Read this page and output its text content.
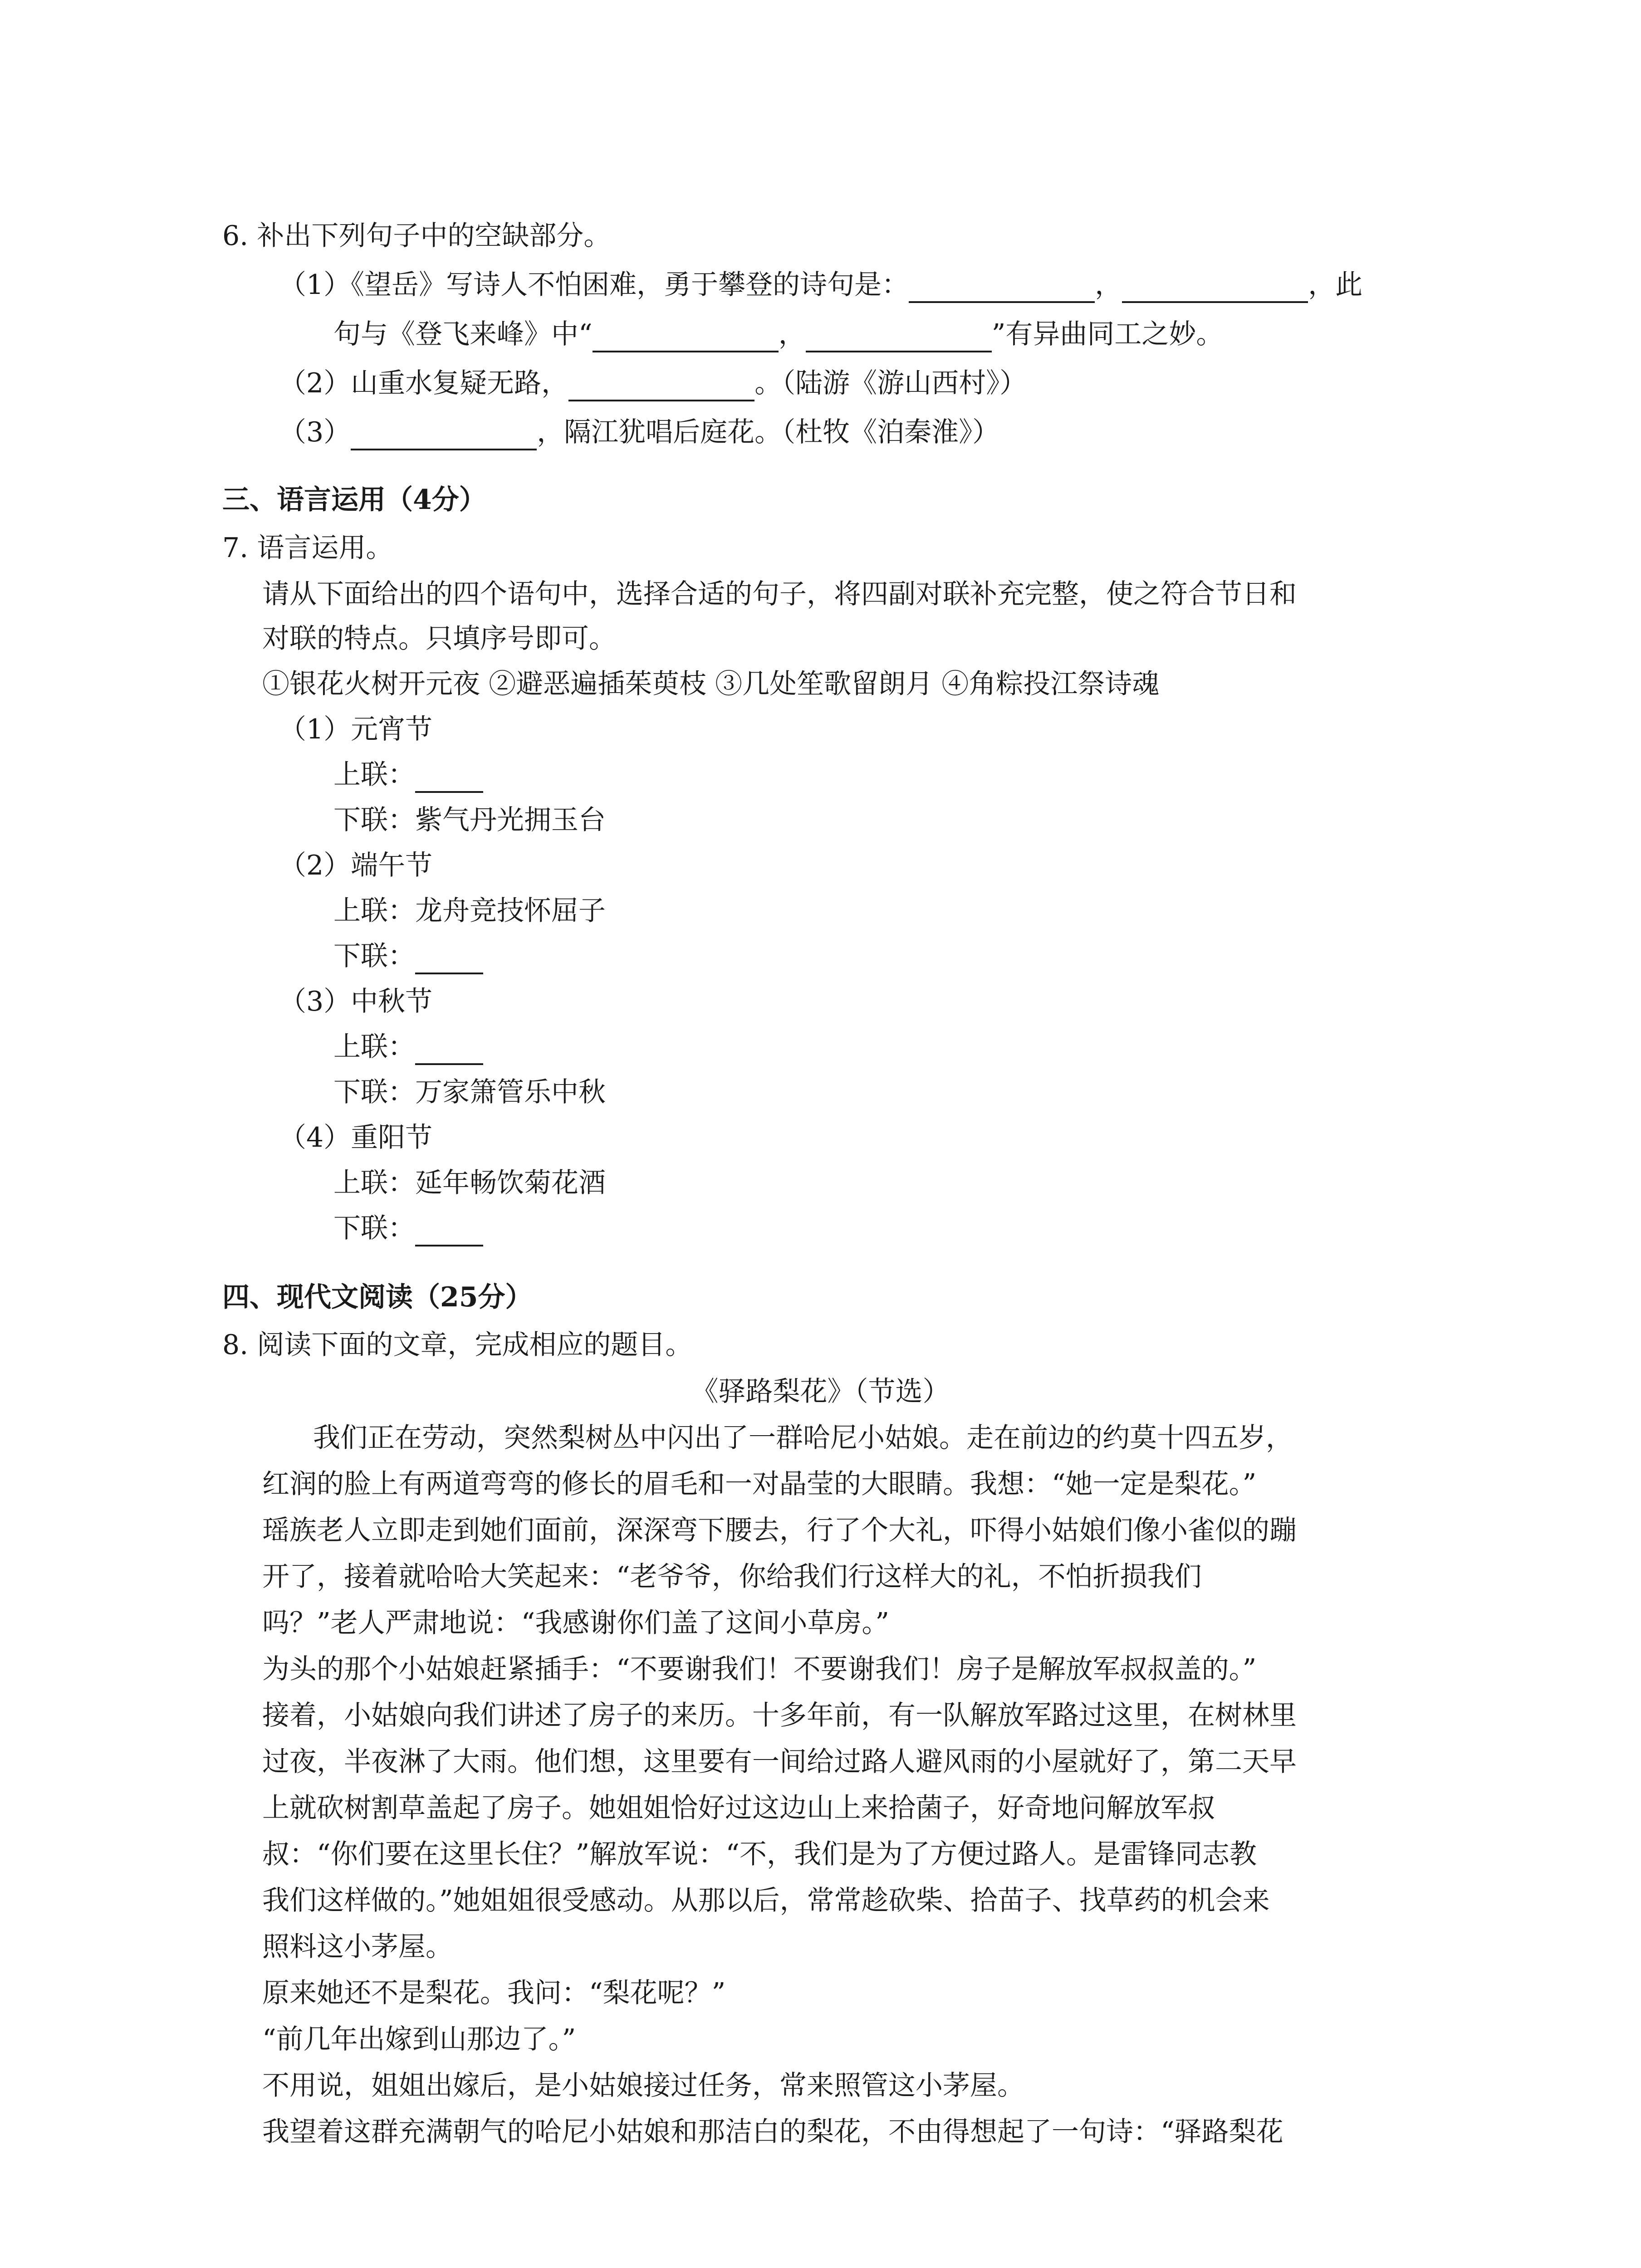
6. 补出下列句子中的空缺部分。
（1）《望岳》写诗人不怕困难，勇于攀登的诗句是：	，	，此
句与《登飞来峰》中“	，	”有异曲同工之妙。
（2）山重水复疑无路，	。（陆游《游山西村》）
（3）	，隔江犹唱后庭花。（杜牧《泊秦淮》）
三、语言运用（4分）
7. 语言运用。
请从下面给出的四个语句中，选择合适的句子，将四副对联补充完整，使之符合节日和
对联的特点。只填序号即可。
①银花火树开元夜 ②避恶遍插茱萸枝 ③几处笙歌留朗月 ④角粽投江祭诗魂
（1）元宵节
上联：
下联：紫气丹光拥玉台
（2）端午节
上联：龙舟竞技怀屈子
下联：
（3）中秋节
上联：
下联：万家箫管乐中秋
（4）重阳节
上联：延年畅饮菊花酒
下联：
四、现代文阅读（25分）
8. 阅读下面的文章，完成相应的题目。
《驿路梨花》（节选）
我们正在劳动，突然梨树丛中闪出了一群哈尼小姑娘。走在前边的约莫十四五岁，
红润的脸上有两道弯弯的修长的眉毛和一对晶莹的大眼睛。我想：“她一定是梨花。”
瑶族老人立即走到她们面前，深深弯下腰去，行了个大礼，吓得小姑娘们像小雀似的蹦
开了，接着就哈哈大笑起来：“老爷爷，你给我们行这样大的礼，不怕折损我们
吗？”老人严肃地说：“我感谢你们盖了这间小草房。”
为头的那个小姑娘赶紧插手：“不要谢我们！不要谢我们！房子是解放军叔叔盖的。”
接着，小姑娘向我们讲述了房子的来历。十多年前，有一队解放军路过这里，在树林里
过夜，半夜淋了大雨。他们想，这里要有一间给过路人避风雨的小屋就好了，第二天早
上就砍树割草盖起了房子。她姐姐恰好过这边山上来拾菌子，好奇地问解放军叔
叔：“你们要在这里长住？”解放军说：“不，我们是为了方便过路人。是雷锋同志教
我们这样做的。”她姐姐很受感动。从那以后，常常趁砍柴、拾苗子、找草药的机会来
照料这小茅屋。
原来她还不是梨花。我问：“梨花呢？”
“前几年出嫁到山那边了。”
不用说，姐姐出嫁后，是小姑娘接过任务，常来照管这小茅屋。
我望着这群充满朝气的哈尼小姑娘和那洁白的梨花，不由得想起了一句诗：“驿路梨花
